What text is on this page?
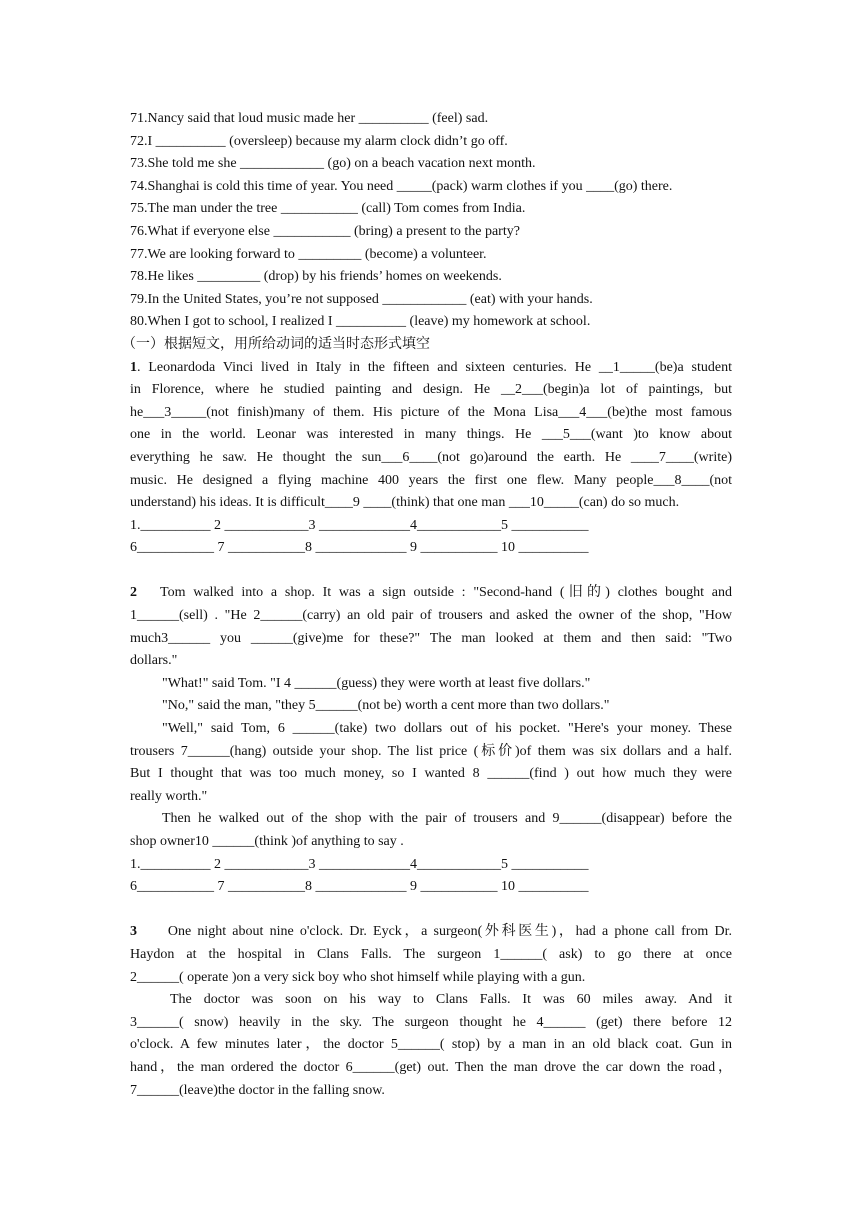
71.Nancy said that loud music made her __________ (feel) sad.
72.I __________ (oversleep) because my alarm clock didn’t go off.
73.She told me she ____________ (go) on a beach vacation next month.
74.Shanghai is cold this time of year. You need _____(pack) warm clothes if you ____(go) there.
75.The man under the tree ___________ (call) Tom comes from India.
76.What if everyone else ___________ (bring) a present to the party?
77.We are looking forward to _________ (become) a volunteer.
78.He likes _________ (drop) by his friends’ homes on weekends.
79.In the United States, you’re not supposed ____________ (eat) with your hands.
80.When I got to school, I realized I __________ (leave) my homework at school.
（一）根据短文，用所给动词的适当时态形式填空
1. Leonardoda Vinci lived in Italy in the fifteen and sixteen centuries. He __1_____(be)a student
in Florence, where he studied painting and design. He __2___(begin)a lot of paintings, but
he___3_____(not finish)many of them. His picture of the Mona Lisa___4___(be)the most famous
one in the world. Leonar was interested in many things. He ___5___(want )to know about
everything he saw. He thought the sun___6____(not go)around the earth. He ____7____(write)
music. He designed a flying machine 400 years the first one flew. Many people___8____(not
understand) his ideas. It is difficult____9 ____(think) that one man ___10_____(can) do so much.
1.__________ 2 ____________3 _____________4____________5 ___________
6___________ 7 ___________8 _____________ 9 ___________ 10 __________
2   Tom walked into a shop. It was a sign outside : "Second-hand (旧的) clothes bought and
1______(sell) . "He 2______(carry) an old pair of trousers and asked the owner of the shop, "How
much3______ you ______(give)me for these?" The man looked at them and then said: "Two
dollars."
"What!" said Tom. "I 4 ______(guess) they were worth at least five dollars."
"No," said the man, "they 5______(not be) worth a cent more than two dollars."
"Well," said Tom, 6 ______(take) two dollars out of his pocket. "Here's your money. These
trousers 7______(hang) outside your shop. The list price (标价)of them was six dollars and a half.
But I thought that was too much money, so I wanted 8 ______(find ) out how much they were
really worth."
Then he walked out of the shop with the pair of trousers and 9______(disappear) before the
shop owner10 ______(think )of anything to say .
1.__________ 2 ____________3 _____________4____________5 ___________
6___________ 7 ___________8 _____________ 9 ___________ 10 __________
3     One night about nine o'clock. Dr. Eyck，a surgeon(外科医生)，had a phone call from Dr.
Haydon at the hospital in Clans Falls. The surgeon 1______( ask) to go there at once
2______( operate )on a very sick boy who shot himself while playing with a gun.
The doctor was soon on his way to Clans Falls. It was 60 miles away. And it
3______( snow) heavily in the sky. The surgeon thought he 4______ (get) there before 12
o'clock. A few minutes later，the doctor 5______( stop) by a man in an old black coat. Gun in
hand，the man ordered the doctor 6______(get) out. Then the man drove the car down the road，
7______(leave)the doctor in the falling snow.
